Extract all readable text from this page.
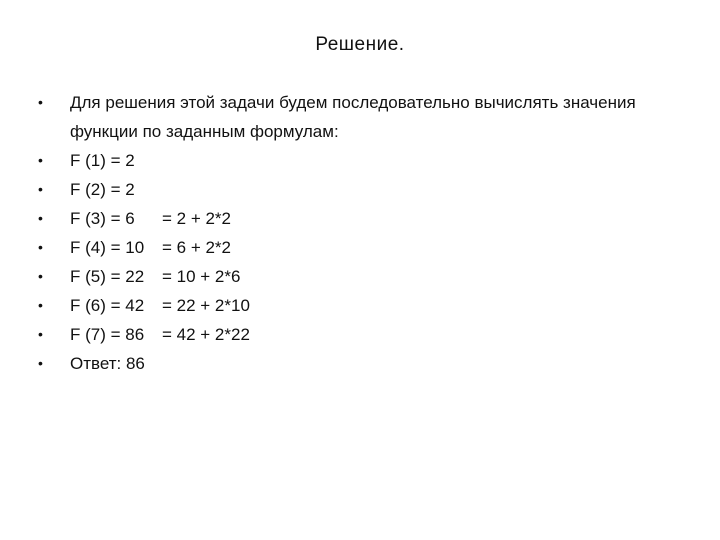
Решение.
• Для решения этой задачи будем последовательно вычислять значения функции по заданным формулам:
• F (1) = 2
• F (2) = 2
• F (3) = 6 = 2 + 2*2
• F (4) = 10 = 6 + 2*2
• F (5) = 22 = 10 + 2*6
• F (6) = 42 = 22 + 2*10
• F (7) = 86 = 42 + 2*22
• Ответ: 86
